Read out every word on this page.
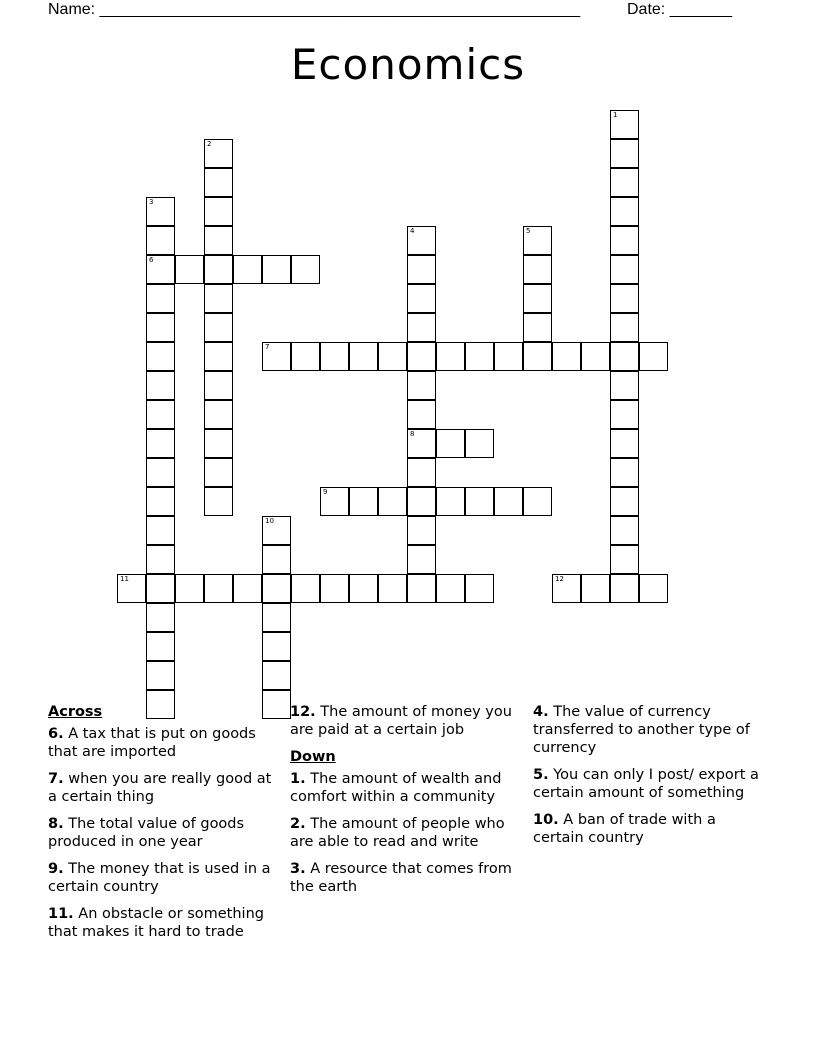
Name: ______________________________________________________	Date: _______
Economics
1
2
3
6
4
8
5
7
9
10
11	12
Across
6. A tax that is put on goods that are imported
7. when you are really good at a certain thing
8. The total value of goods produced in one year
9. The money that is used in a certain country
11. An obstacle or something that makes it hard to trade
12. The amount of money you are paid at a certain job
Down
1. The amount of wealth and comfort within a community
2. The amount of people who are able to read and write
3. A resource that comes from the earth
4. The value of currency transferred to another type of currency
5. You can only I post/ export a certain amount of something
10. A ban of trade with a certain country
